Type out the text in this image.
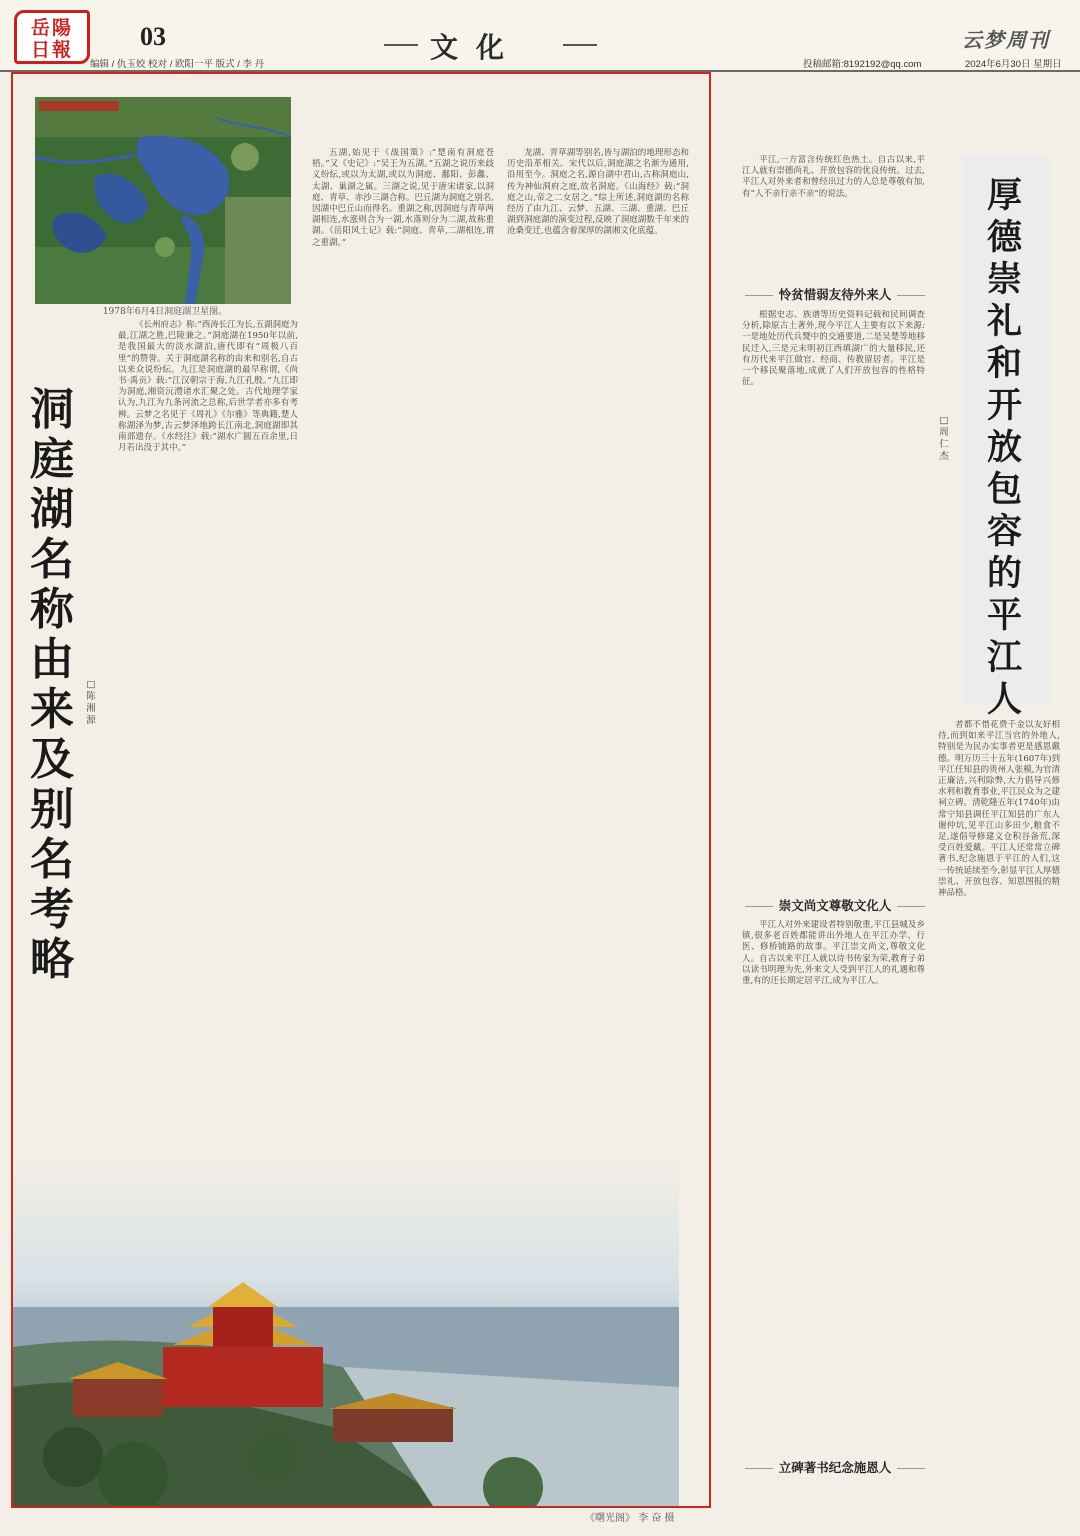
岳陽
日報	03	文化	云梦周刊
编辑 / 仇玉姣 校对 / 欧阳一平 版式 / 李 丹	投稿邮箱:8192192@qq.com	2024年6月30日 星期日
1978年6月4日洞庭湖卫星图。
洞庭湖名称由来及别名考略
□陈湘源

《长州府志》称:“西涛长江为长,五湖洞庭为最,江湖之胜,巴陵兼之。”洞庭湖在1950年以前,是我国最大的淡水湖泊,唐代即有“周极八百里”的赞誉。关于洞庭湖名称的由来和别名,自古以来众说纷纭。九江是洞庭湖的最早称谓,《尚书·禹贡》载:“江汉朝宗于海,九江孔殷。”九江即为洞庭,湘资沅澧诸水汇聚之处。古代地理学家认为,九江为九条河流之总称,后世学者亦多有考辨。云梦之名见于《周礼》《尔雅》等典籍,楚人称湖泽为梦,古云梦泽地跨长江南北,洞庭湖即其南部遗存。《水经注》载:“湖水广圆五百余里,日月若出没于其中。”

五湖,始见于《战国策》:“楚南有洞庭苍梧。”又《史记》:“吴王为五湖。”五湖之说历来歧义纷纭,或以为太湖,或以为洞庭、鄱阳、彭蠡、太湖、巢湖之属。三湖之说,见于唐宋诸家,以洞庭、青草、赤沙三湖合称。巴丘湖为洞庭之别名,因湖中巴丘山而得名。重湖之称,因洞庭与青草两湖相连,水涨则合为一湖,水落则分为二湖,故称重湖。《岳阳风土记》载:“洞庭、青草,二湖相连,谓之重湖。”

龙湖、青草湖等别名,皆与湖泊的地理形态和历史沿革相关。宋代以后,洞庭湖之名渐为通用,沿用至今。洞庭之名,源自湖中君山,古称洞庭山,传为神仙洞府之庭,故名洞庭。《山海经》载:“洞庭之山,帝之二女居之。”综上所述,洞庭湖的名称经历了由九江、云梦、五湖、三湖、重湖、巴丘湖到洞庭湖的演变过程,反映了洞庭湖数千年来的沧桑变迁,也蕴含着深厚的湖湘文化底蕴。

《曙光阁》 李 奋 摄
厚德崇礼和开放包容的平江人
□周仁杰

平江,一方富含传统红色热土。自古以来,平江人就有崇德尚礼、开放包容的优良传统。过去,平江人对外来者和曾经出过力的人总是尊敬有加,有“人不亲行亲不亲”的说法。

怜贫惜弱友待外来人

根据史志、族谱等历史资料记载和民间调查分析,除原古土著外,现今平江人主要有以下来源:一是地处历代兵燹中的交通要道,二是吴楚等地移民迁入,三是元末明初江西填湖广的大量移民,还有历代来平江做官、经商、传教留居者。平江是一个移民聚落地,成就了人们开放包容的性格特征。

崇文尚文尊敬文化人

平江人对外来建设者特别敬重,平江县城及乡镇,很多老百姓都能讲出外地人在平江办学、行医、修桥铺路的故事。平江崇文尚文,尊敬文化人。自古以来平江人就以诗书传家为荣,教育子弟以读书明理为先,外来文人受到平江人的礼遇和尊重,有的还长期定居平江,成为平江人。

立碑著书纪念施恩人

者都不惜花费千金以友好相待,而到如来平江当官的外地人,特别是为民办实事者更是感恩戴德。明万历三十五年(1607年)到平江任知县的贵州人张模,为官清正廉洁,兴利除弊,大力倡导兴修水利和教育事业,平江民众为之建祠立碑。清乾隆五年(1740年)由常宁知县调任平江知县的广东人谢仲坑,见平江山多田少,粮食不足,遂倡导修建义仓积谷备荒,深受百姓爱戴。平江人还常常立碑著书,纪念施恩于平江的人们,这一传统延续至今,彰显平江人厚德崇礼、开放包容、知恩图报的精神品格。
